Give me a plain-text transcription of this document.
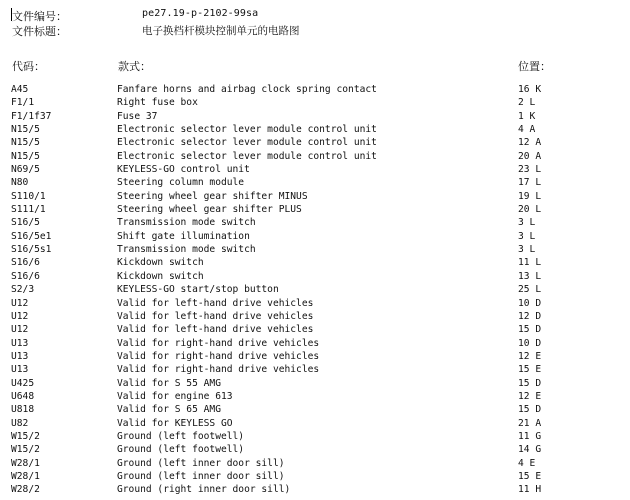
文件编号：	pe27.19-p-2102-99sa
文件标题：	电子换档杆模块控制单元的电路图
代码：	款式：	位置：
A45	Fanfare horns and airbag clock spring contact	16 K
F1/1	Right fuse box	2 L
F1/1f37	Fuse 37	1 K
N15/5	Electronic selector lever module control unit	4 A
N15/5	Electronic selector lever module control unit	12 A
N15/5	Electronic selector lever module control unit	20 A
N69/5	KEYLESS-GO control unit	23 L
N80	Steering column module	17 L
S110/1	Steering wheel gear shifter MINUS	19 L
S111/1	Steering wheel gear shifter PLUS	20 L
S16/5	Transmission mode switch	3 L
S16/5e1	Shift gate illumination	3 L
S16/5s1	Transmission mode switch	3 L
S16/6	Kickdown switch	11 L
S16/6	Kickdown switch	13 L
S2/3	KEYLESS-GO start/stop button	25 L
U12	Valid for left-hand drive vehicles	10 D
U12	Valid for left-hand drive vehicles	12 D
U12	Valid for left-hand drive vehicles	15 D
U13	Valid for right-hand drive vehicles	10 D
U13	Valid for right-hand drive vehicles	12 E
U13	Valid for right-hand drive vehicles	15 E
U425	Valid for S 55 AMG	15 D
U648	Valid for engine 613	12 E
U818	Valid for S 65 AMG	15 D
U82	Valid for KEYLESS GO	21 A
W15/2	Ground (left footwell)	11 G
W15/2	Ground (left footwell)	14 G
W28/1	Ground (left inner door sill)	4 E
W28/1	Ground (left inner door sill)	15 E
W28/2	Ground (right inner door sill)	11 H
